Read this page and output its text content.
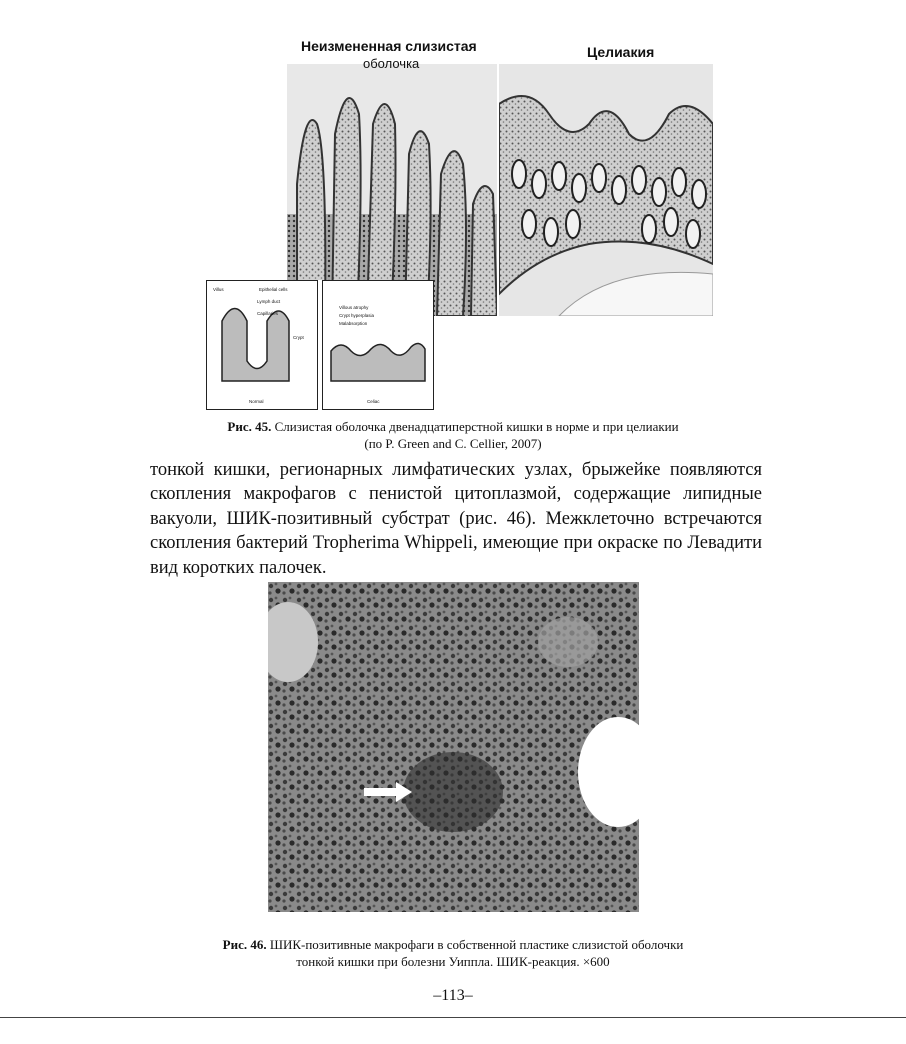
Неизмененная слизистая
оболочка
Целиакия
Villus	Epithelial cells
Lymph duct
Capillaries
Crypt
Normal
Villous atrophy
Crypt hyperplasia
Malabsorption
Celiac
Рис. 45. Слизистая оболочка двенадцатиперстной кишки в норме и при целиакии
(по P. Green and C. Cellier, 2007)

тонкой кишки, регионарных лимфатических узлах, брыжейке появляются скопления макрофагов с пенистой цитоплазмой, содержащие липидные вакуоли, ШИК-позитивный субстрат (рис. 46). Межклеточно встречаются скопления бактерий Tropherima Whippeli, имеющие при окраске по Левадити вид коротких палочек.

Рис. 46. ШИК-позитивные макрофаги в собственной пластике слизистой оболочки
тонкой кишки при болезни Уиппла. ШИК-реакция. ×600
–113–
